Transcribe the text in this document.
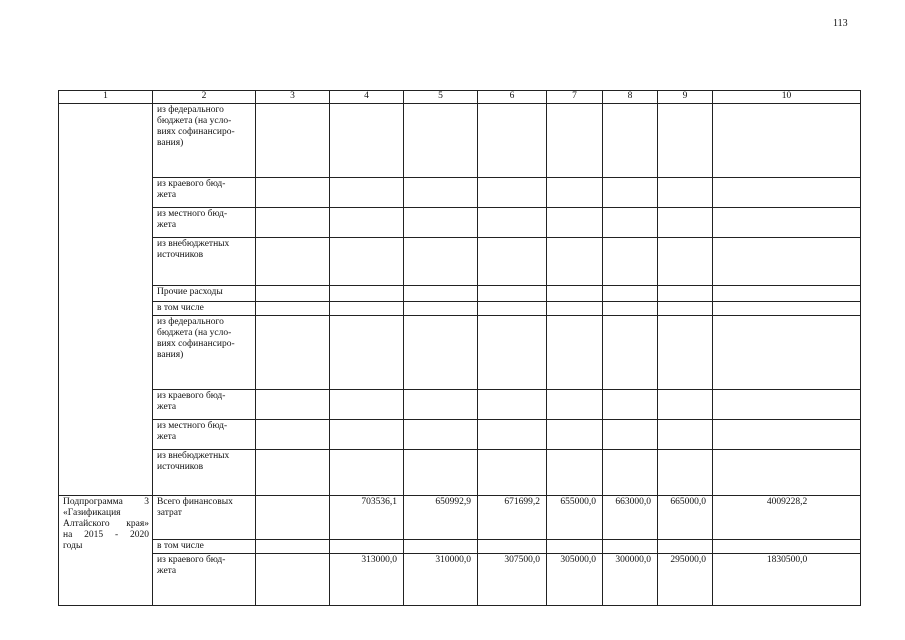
113
1	2	3	4	5	6	7	8	9	10
	из федерального
бюджета (на усло-
виях софинансиро-
вания)								
	из краевого бюд-
жета								
	из местного бюд-
жета								
	из внебюджетных
источников								
	Прочие расходы								
	в том числе								
	из федерального
бюджета (на усло-
виях софинансиро-
вания)								
	из краевого бюд-
жета								
	из местного бюд-
жета								
	из внебюджетных
источников								

Подпрограмма 3
«Газификация
Алтайского края»
на 2015 - 2020
годы	Всего финансовых
затрат		703536,1	650992,9	671699,2	655000,0	663000,0	665000,0	4009228,2
	в том числе								
	из краевого бюд-
жета		313000,0	310000,0	307500,0	305000,0	300000,0	295000,0	1830500,0
